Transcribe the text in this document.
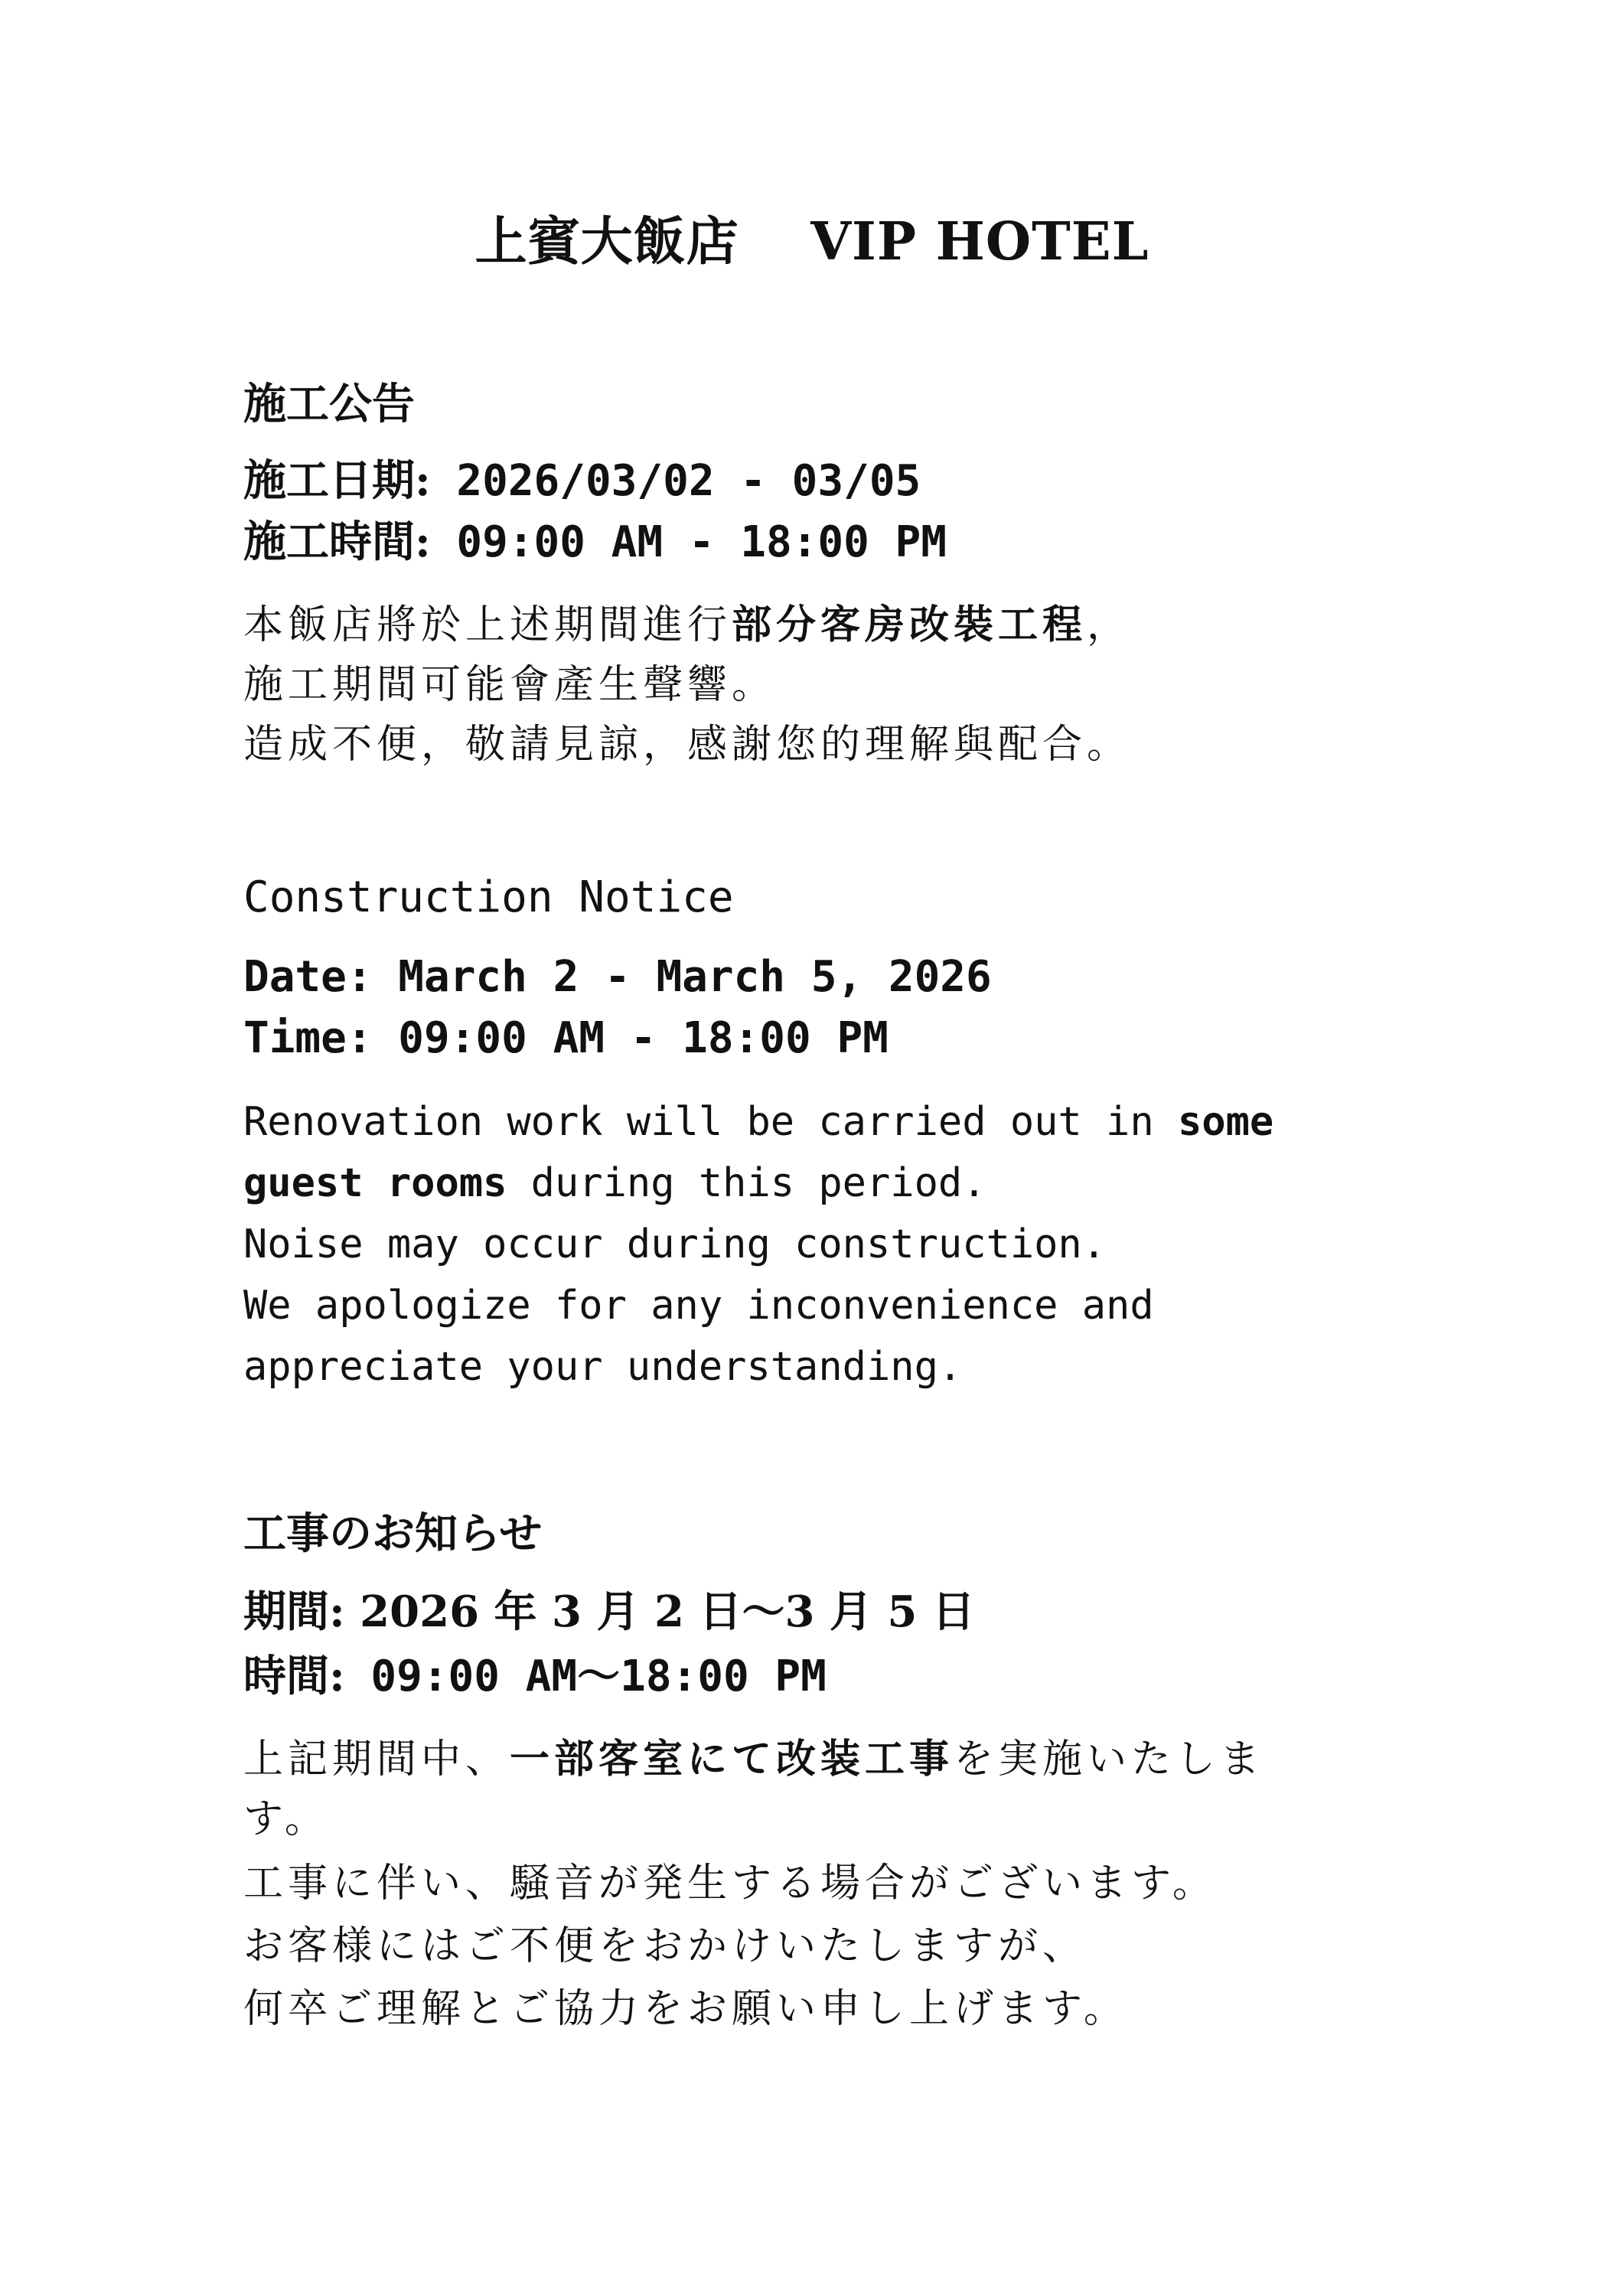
上賓大飯店　 VIP HOTEL
施工公告
施工日期: 2026/03/02 - 03/05
施工時間: 09:00 AM - 18:00 PM
本飯店將於上述期間進行部分客房改裝工程，
施工期間可能會產生聲響。
造成不便，敬請見諒，感謝您的理解與配合。
Construction Notice
Date: March 2 - March 5, 2026
Time: 09:00 AM - 18:00 PM
Renovation work will be carried out in some
guest rooms during this period.
Noise may occur during construction.
We apologize for any inconvenience and
appreciate your understanding.
工事のお知らせ
期間: 2026 年 3 月 2 日～3 月 5 日
時間: 09:00 AM～18:00 PM
上記期間中、一部客室にて改装工事を実施いたしま
す。
工事に伴い、騒音が発生する場合がございます。
お客様にはご不便をおかけいたしますが、
何卒ご理解とご協力をお願い申し上げます。
